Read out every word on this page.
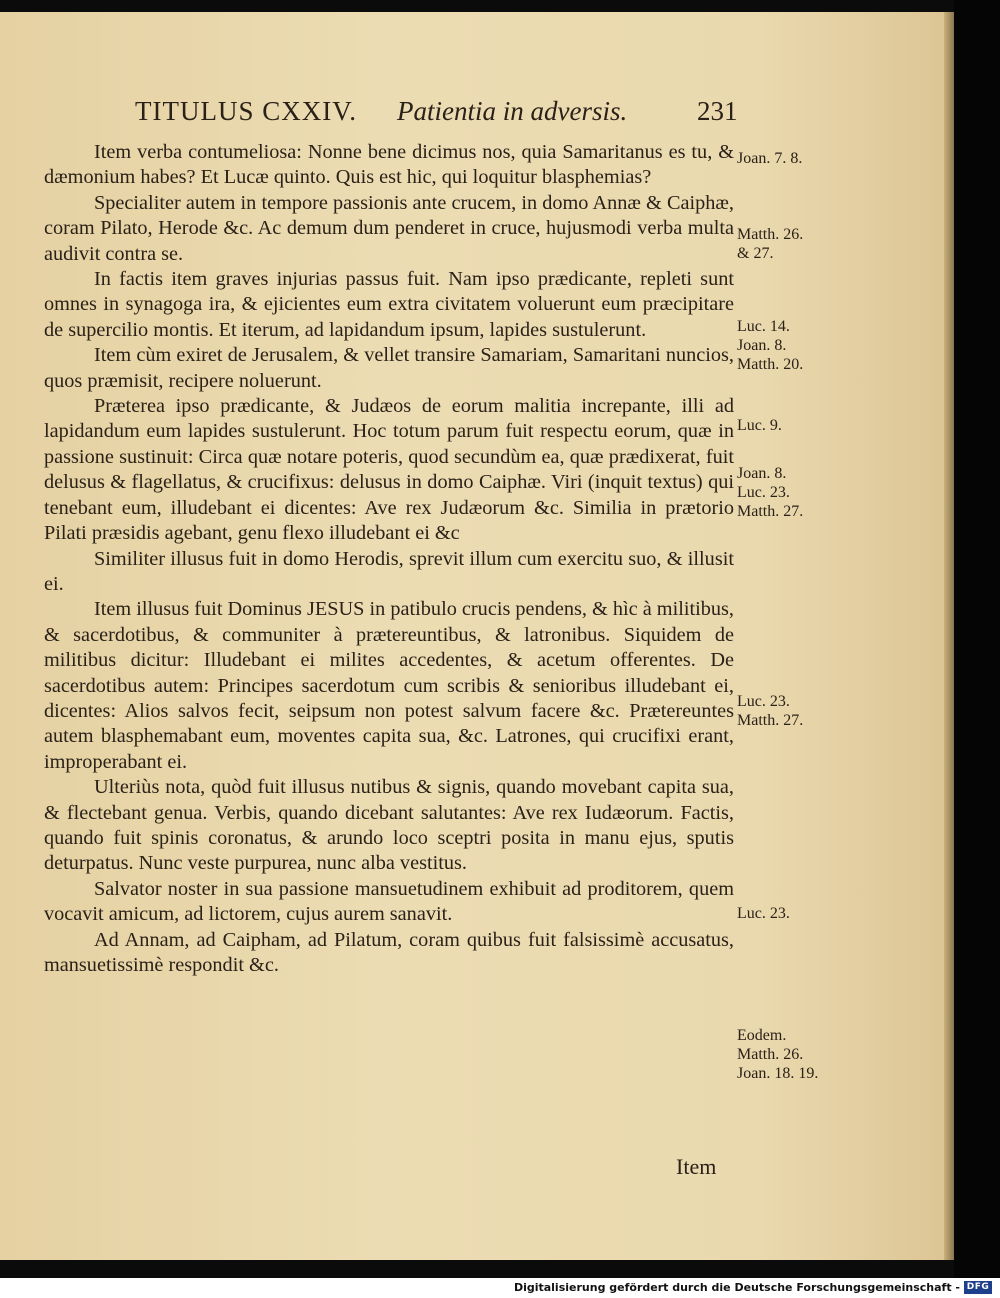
TITULUS CXXIV. Patientia in adversis.	231

Item verba contumeliosa: Nonne bene dicimus nos, quia Samaritanus es tu, & dæmonium habes? Et Lucæ quinto. Quis est hic, qui loquitur blasphemias?

Specialiter autem in tempore passionis ante crucem, in domo Annæ & Caiphæ, coram Pilato, Herode &c. Ac demum dum penderet in cruce, hujusmodi verba multa audivit contra se.

In factis item graves injurias passus fuit. Nam ipso prædicante, repleti sunt omnes in synagoga ira, & ejicientes eum extra civitatem voluerunt eum præcipitare de supercilio montis. Et iterum, ad lapidandum ipsum, lapides sustulerunt.

Item cùm exiret de Jerusalem, & vellet transire Samariam, Samaritani nuncios, quos præmisit, recipere noluerunt.

Præterea ipso prædicante, & Judæos de eorum malitia increpante, illi ad lapidandum eum lapides sustulerunt. Hoc totum parum fuit respectu eorum, quæ in passione sustinuit: Circa quæ notare poteris, quod secundùm ea, quæ prædixerat, fuit delusus & flagellatus, & crucifixus: delusus in domo Caiphæ. Viri (inquit textus) qui tenebant eum, illudebant ei dicentes: Ave rex Judæorum &c. Similia in prætorio Pilati præsidis agebant, genu flexo illudebant ei &c

Similiter illusus fuit in domo Herodis, sprevit illum cum exercitu suo, & illusit ei.

Item illusus fuit Dominus JESUS in patibulo crucis pendens, & hìc à militibus, & sacerdotibus, & communiter à prætereuntibus, & latronibus. Siquidem de militibus dicitur: Illudebant ei milites accedentes, & acetum offerentes. De sacerdotibus autem: Principes sacerdotum cum scribis & senioribus illudebant ei, dicentes: Alios salvos fecit, seipsum non potest salvum facere &c. Prætereuntes autem blasphemabant eum, moventes capita sua, &c. Latrones, qui crucifixi erant, improperabant ei.

Ulteriùs nota, quòd fuit illusus nutibus & signis, quando movebant capita sua, & flectebant genua. Verbis, quando dicebant salutantes: Ave rex Iudæorum. Factis, quando fuit spinis coronatus, & arundo loco sceptri posita in manu ejus, sputis deturpatus. Nunc veste purpurea, nunc alba vestitus.

Salvator noster in sua passione mansuetudinem exhibuit ad proditorem, quem vocavit amicum, ad lictorem, cujus aurem sanavit.

Ad Annam, ad Caipham, ad Pilatum, coram quibus fuit falsissimè accusatus, mansuetissimè respondit &c.

Joan. 7. 8.
Matth. 26.
& 27.
Luc. 14.
Joan. 8.
Matth. 20.
Luc. 9.
Joan. 8.
Luc. 23.
Matth. 27.
Luc. 23.
Matth. 27.
Luc. 23.
Eodem.
Matth. 26.
Joan. 18. 19.
Item
Digitalisierung gefördert durch die Deutsche Forschungsgemeinschaft - DFG
